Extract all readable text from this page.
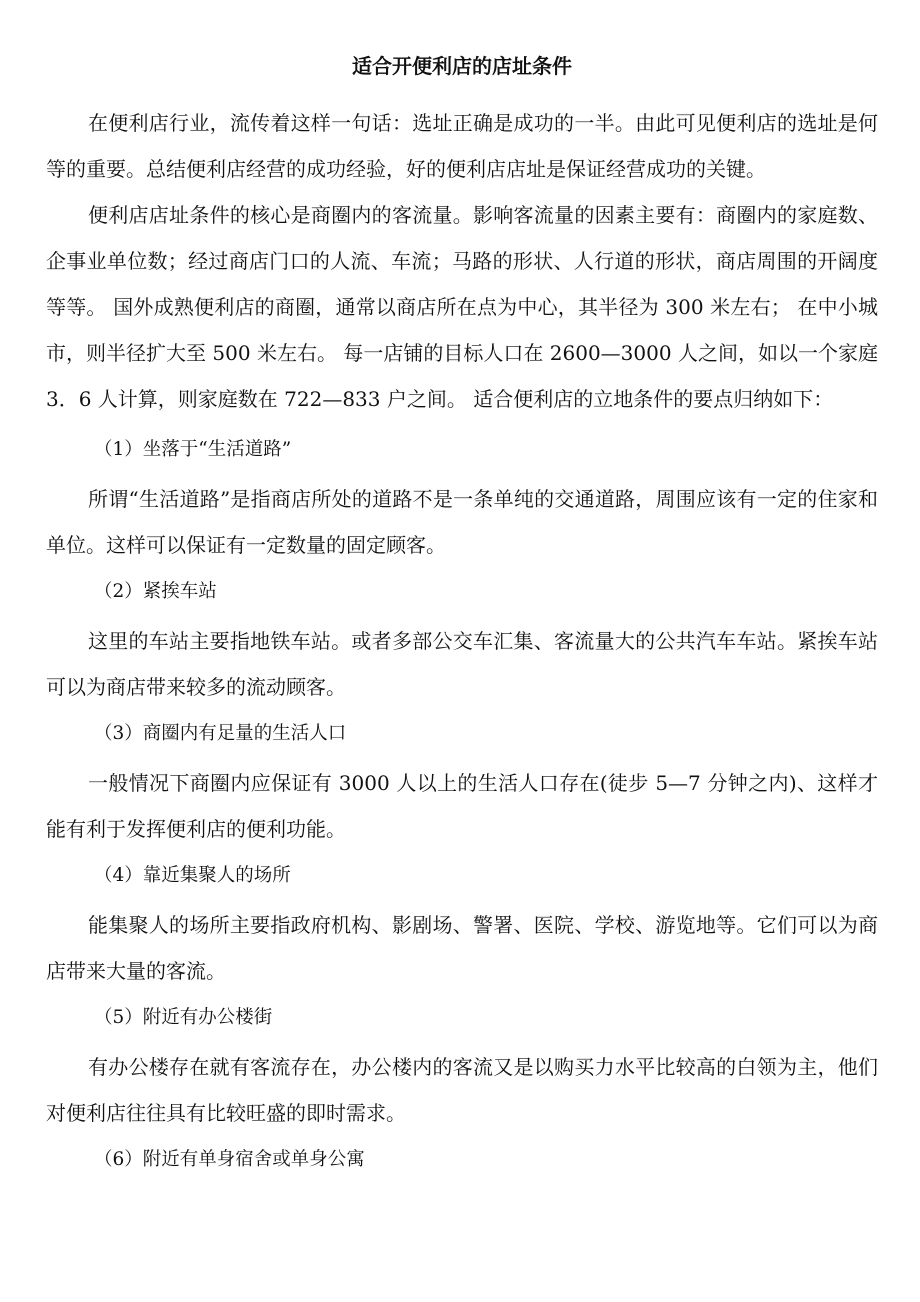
适合开便利店的店址条件

在便利店行业，流传着这样一句话：选址正确是成功的一半。由此可见便利店的选址是何等的重要。总结便利店经营的成功经验，好的便利店店址是保证经营成功的关键。

便利店店址条件的核心是商圈内的客流量。影响客流量的因素主要有：商圈内的家庭数、企事业单位数；经过商店门口的人流、车流；马路的形状、人行道的形状，商店周围的开阔度等等。 国外成熟便利店的商圈，通常以商店所在点为中心，其半径为 300 米左右； 在中小城市，则半径扩大至 500 米左右。 每一店铺的目标人口在 2600—3000 人之间，如以一个家庭 3．6 人计算，则家庭数在 722—833 户之间。 适合便利店的立地条件的要点归纳如下：

（1）坐落于“生活道路”

所谓“生活道路”是指商店所处的道路不是一条单纯的交通道路，周围应该有一定的住家和单位。这样可以保证有一定数量的固定顾客。

（2）紧挨车站

这里的车站主要指地铁车站。或者多部公交车汇集、客流量大的公共汽车车站。紧挨车站可以为商店带来较多的流动顾客。

（3）商圈内有足量的生活人口

一般情况下商圈内应保证有 3000 人以上的生活人口存在(徒步 5—7 分钟之内)、这样才能有利于发挥便利店的便利功能。

（4）靠近集聚人的场所

能集聚人的场所主要指政府机构、影剧场、警署、医院、学校、游览地等。它们可以为商店带来大量的客流。

（5）附近有办公楼街

有办公楼存在就有客流存在，办公楼内的客流又是以购买力水平比较高的白领为主，他们对便利店往往具有比较旺盛的即时需求。

（6）附近有单身宿舍或单身公寓
